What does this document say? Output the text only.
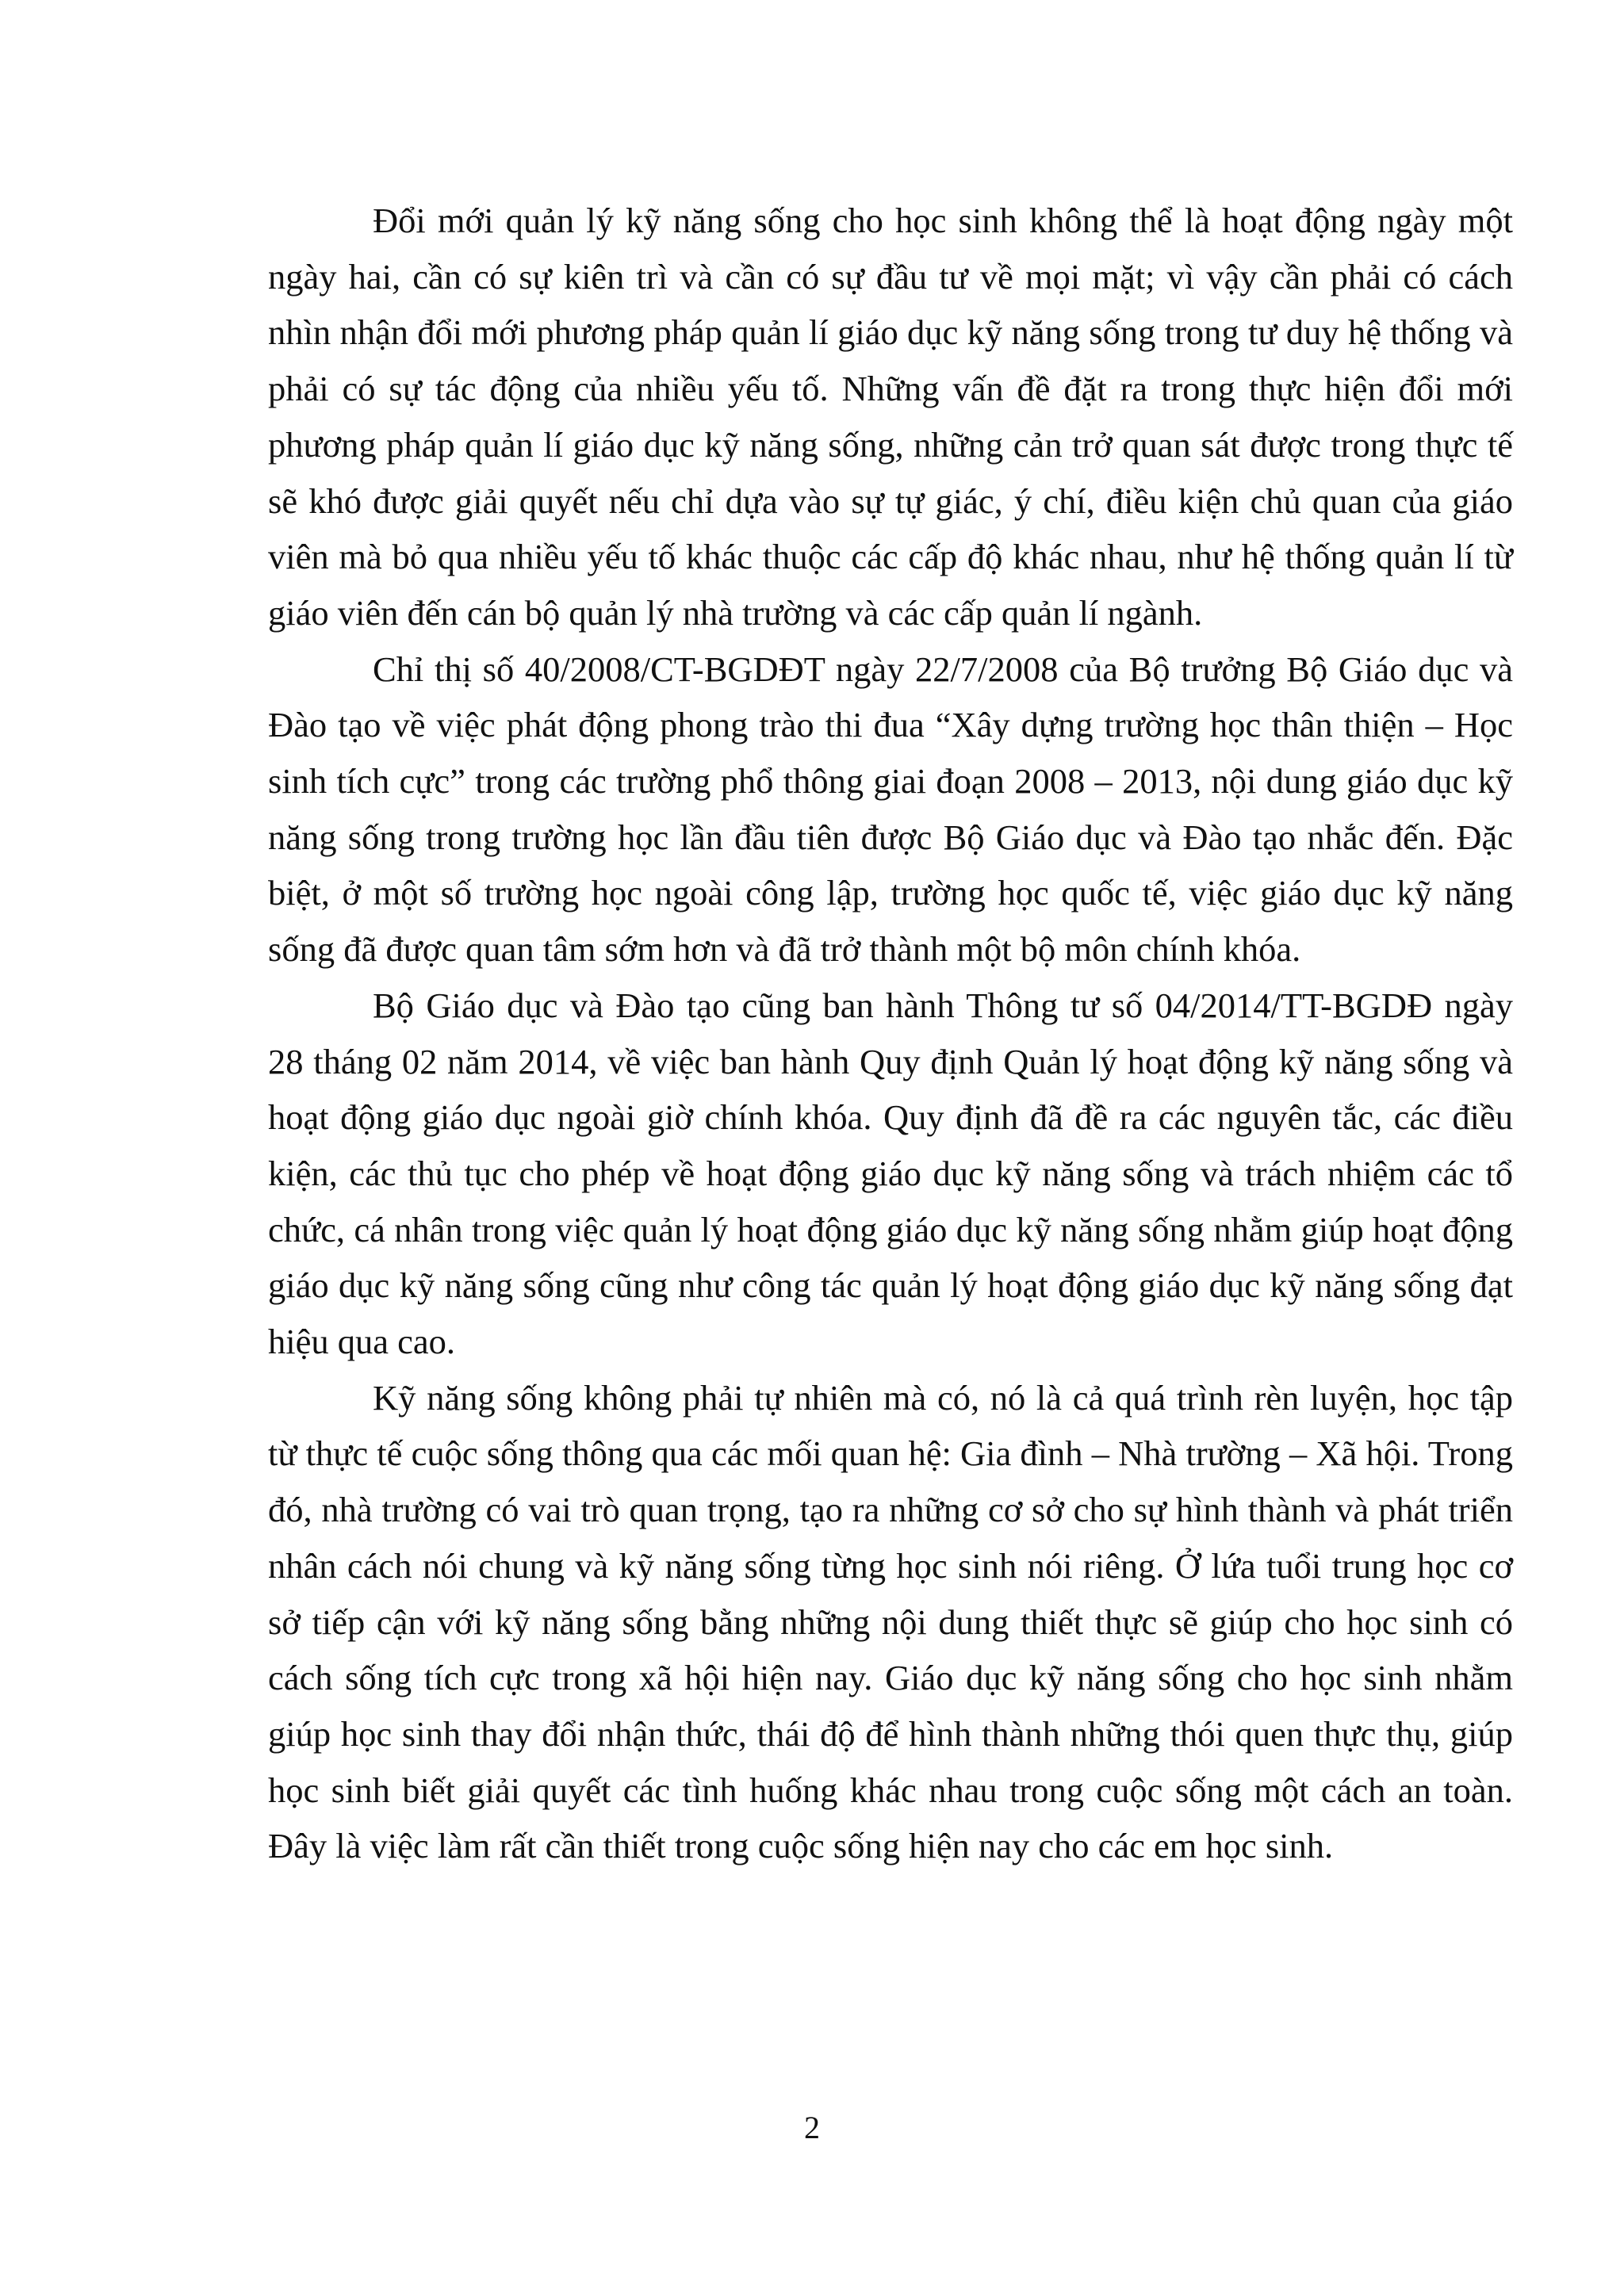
Đổi mới quản lý kỹ năng sống cho học sinh không thể là hoạt động ngày một ngày hai, cần có sự kiên trì và cần có sự đầu tư về mọi mặt; vì vậy cần phải có cách nhìn nhận đổi mới phương pháp quản lí giáo dục kỹ năng sống trong tư duy hệ thống và phải có sự tác động của nhiều yếu tố. Những vấn đề đặt ra trong thực hiện đổi mới phương pháp quản lí giáo dục kỹ năng sống, những cản trở quan sát được trong thực tế sẽ khó được giải quyết nếu chỉ dựa vào sự tự giác, ý chí, điều kiện chủ quan của giáo viên mà bỏ qua nhiều yếu tố khác thuộc các cấp độ khác nhau, như hệ thống quản lí từ giáo viên đến cán bộ quản lý nhà trường và các cấp quản lí ngành.

Chỉ thị số 40/2008/CT-BGDĐT ngày 22/7/2008 của Bộ trưởng Bộ Giáo dục và Đào tạo về việc phát động phong trào thi đua “Xây dựng trường học thân thiện – Học sinh tích cực” trong các trường phổ thông giai đoạn 2008 – 2013, nội dung giáo dục kỹ năng sống trong trường học lần đầu tiên được Bộ Giáo dục và Đào tạo nhắc đến. Đặc biệt, ở một số trường học ngoài công lập, trường học quốc tế, việc giáo dục kỹ năng sống đã được quan tâm sớm hơn và đã trở thành một bộ môn chính khóa.

Bộ Giáo dục và Đào tạo cũng ban hành Thông tư số 04/2014/TT-BGDĐ ngày 28 tháng 02 năm 2014, về việc ban hành Quy định Quản lý hoạt động kỹ năng sống và hoạt động giáo dục ngoài giờ chính khóa. Quy định đã đề ra các nguyên tắc, các điều kiện, các thủ tục cho phép về hoạt động giáo dục kỹ năng sống và trách nhiệm các tổ chức, cá nhân trong việc quản lý hoạt động giáo dục kỹ năng sống nhằm giúp hoạt động giáo dục kỹ năng sống cũng như công tác quản lý hoạt động giáo dục kỹ năng sống đạt hiệu qua cao.

Kỹ năng sống không phải tự nhiên mà có, nó là cả quá trình rèn luyện, học tập từ thực tế cuộc sống thông qua các mối quan hệ: Gia đình – Nhà trường – Xã hội. Trong đó, nhà trường có vai trò quan trọng, tạo ra những cơ sở cho sự hình thành và phát triển nhân cách nói chung và kỹ năng sống từng học sinh nói riêng. Ở lứa tuổi trung học cơ sở tiếp cận với kỹ năng sống bằng những nội dung thiết thực sẽ giúp cho học sinh có cách sống tích cực trong xã hội hiện nay. Giáo dục kỹ năng sống cho học sinh nhằm giúp học sinh thay đổi nhận thức, thái độ để hình thành những thói quen thực thụ, giúp học sinh biết giải quyết các tình huống khác nhau trong cuộc sống một cách an toàn. Đây là việc làm rất cần thiết trong cuộc sống hiện nay cho các em học sinh.

2
